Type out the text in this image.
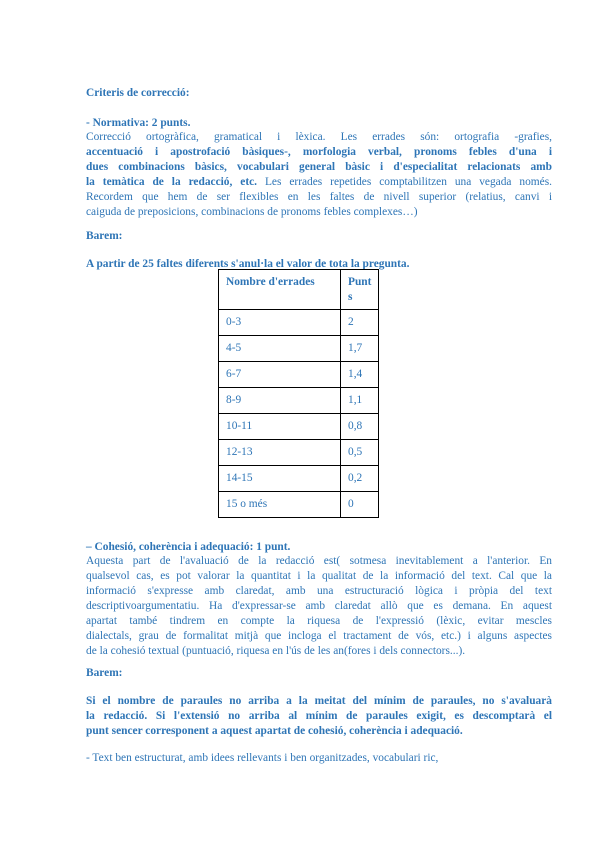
Criteris de correcció:
- Normativa: 2 punts.

Correcció ortogràfica, gramatical i lèxica. Les errades són: ortografia -grafies,

accentuació i apostrofació bàsiques-, morfologia verbal, pronoms febles d'una i

dues combinacions bàsics, vocabulari general bàsic i d'especialitat relacionats amb

la temàtica de la redacció, etc. Les errades repetides comptabilitzen una vegada només.

Recordem que hem de ser flexibles en les faltes de nivell superior (relatius, canvi i

caiguda de preposicions, combinacions de pronoms febles complexes…)

Barem:
A partir de 25 faltes diferents s'anul·la el valor de tota la pregunta.
Nombre d'errades	Punt s
0-3	2
4-5	1,7
6-7	1,4
8-9	1,1
10-11	0,8
12-13	0,5
14-15	0,2
15 o més	0
– Cohesió, coherència i adequació: 1 punt.

Aquesta part de l'avaluació de la redacció est( sotmesa inevitablement a l'anterior. En

qualsevol cas, es pot valorar la quantitat i la qualitat de la informació del text. Cal que la

informació s'expresse amb claredat, amb una estructuració lògica i pròpia del text

descriptivoargumentatiu. Ha d'expressar-se amb claredat allò que es demana. En aquest

apartat també tindrem en compte la riquesa de l'expressió (lèxic, evitar mescles

dialectals, grau de formalitat mitjà que inclogа el tractament de vós, etc.) i alguns aspectes

de la cohesió textual (puntuació, riquesa en l'ús de les an(fores i dels connectors...).

Barem:

Si el nombre de paraules no arriba a la meitat del mínim de paraules, no s'avaluarà

la redacció. Si l'extensió no arriba al mínim de paraules exigit, es descomptarà el

punt sencer corresponent a aquest apartat de cohesió, coherència i adequació.

- Text ben estructurat, amb idees rellevants i ben organitzades, vocabulari ric,
